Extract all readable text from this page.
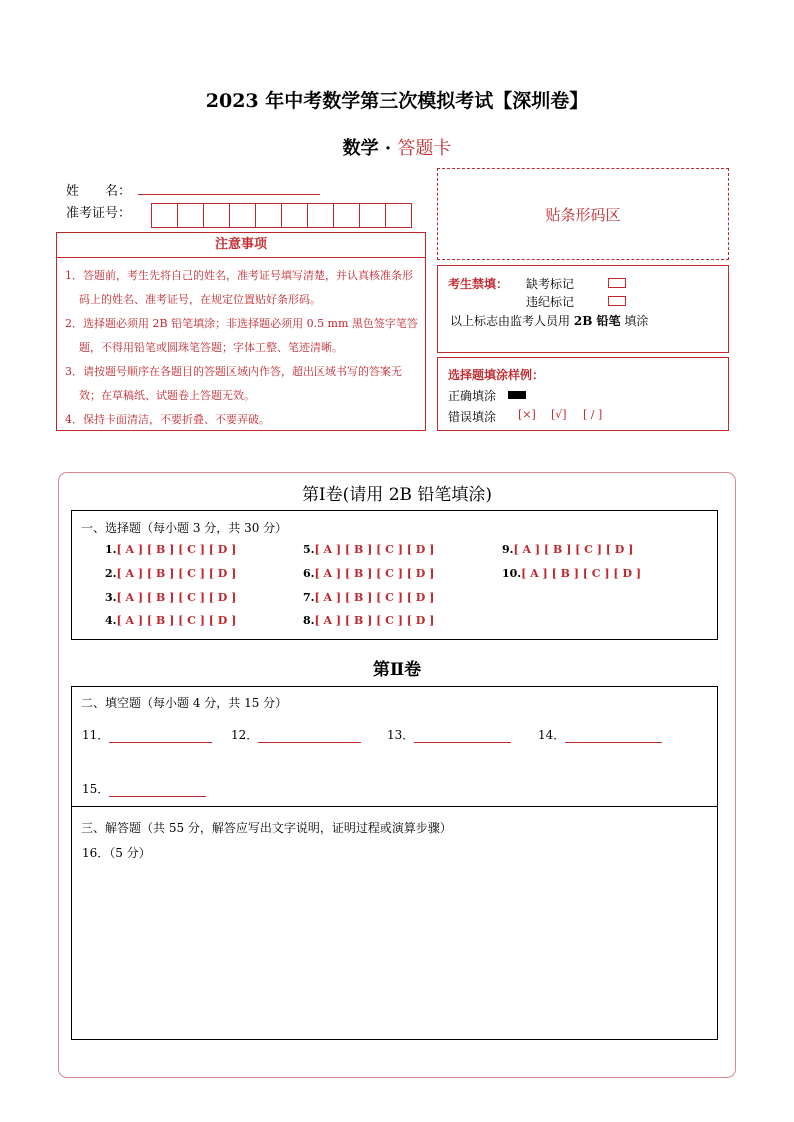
2023 年中考数学第三次模拟考试【深圳卷】
数学 · 答题卡
姓　　名：
准考证号：
注意事项
1．答题前，考生先将自己的姓名，准考证号填写清楚，并认真核准条形码上的姓名、准考证号，在规定位置贴好条形码。
2．选择题必须用 2B 铅笔填涂；非选择题必须用 0.5 mm 黑色签字笔答题，不得用铅笔或圆珠笔答题；字体工整、笔迹清晰。
3．请按题号顺序在各题目的答题区域内作答，超出区域书写的答案无效；在草稿纸、试题卷上答题无效。
4．保持卡面清洁，不要折叠、不要弄破。
贴条形码区
考生禁填： 缺考标记
违纪标记
以上标志由监考人员用 2B 铅笔 填涂
选择题填涂样例：
正确填涂
错误填涂 [×] [√] [ / ]
第Ⅰ卷(请用 2B 铅笔填涂)
一、选择题（每小题 3 分，共 30 分）
1.[ A ] [ B ] [ C ] [ D ]
2.[ A ] [ B ] [ C ] [ D ]
3.[ A ] [ B ] [ C ] [ D ]
4.[ A ] [ B ] [ C ] [ D ]
5.[ A ] [ B ] [ C ] [ D ]
6.[ A ] [ B ] [ C ] [ D ]
7.[ A ] [ B ] [ C ] [ D ]
8.[ A ] [ B ] [ C ] [ D ]
9.[ A ] [ B ] [ C ] [ D ]
10.[ A ] [ B ] [ C ] [ D ]
第Ⅱ卷
二、填空题（每小题 4 分，共 15 分）
11．	12．	13．	14．
15．
三、解答题（共 55 分，解答应写出文字说明，证明过程或演算步骤）
16．（5 分）
